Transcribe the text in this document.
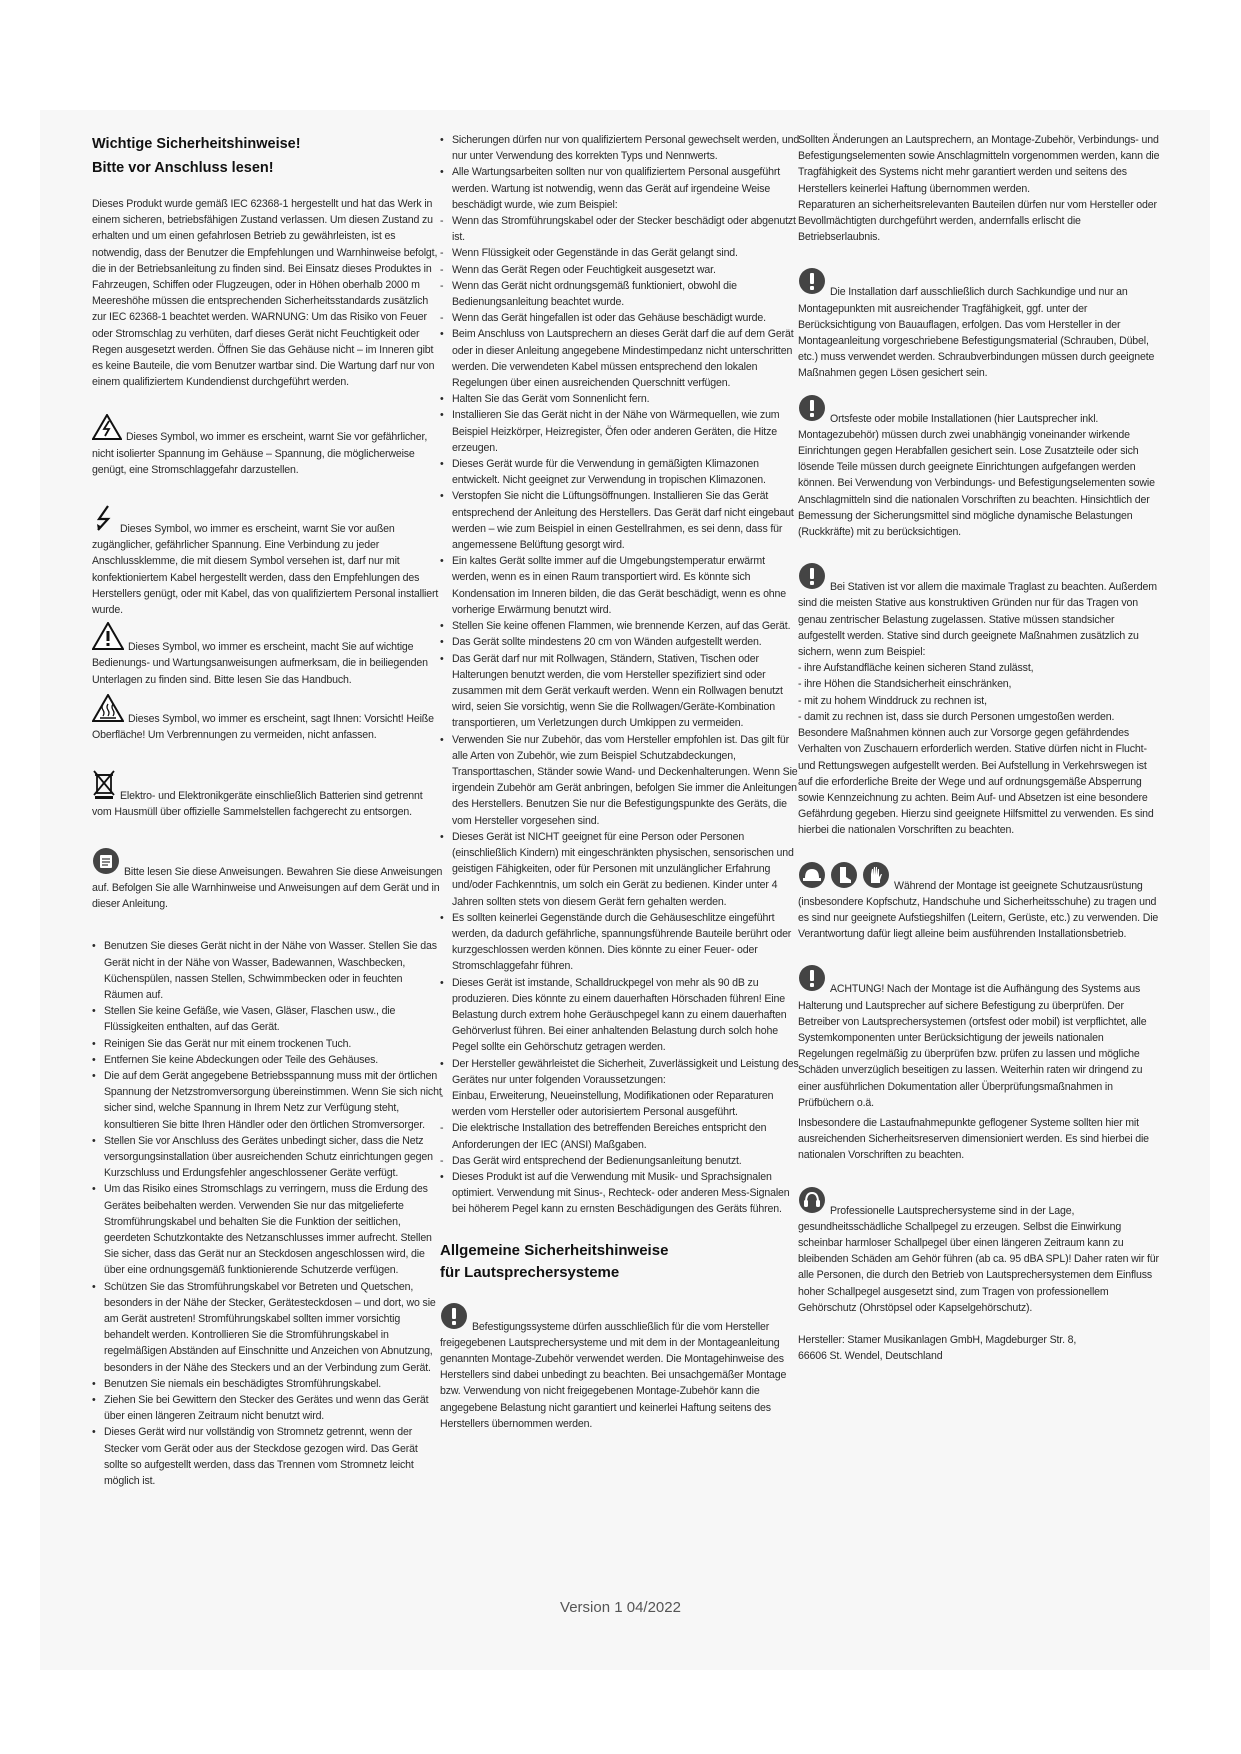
Wichtige Sicherheitshinweise!
Bitte vor Anschluss lesen!
Dieses Produkt wurde gemäß IEC 62368-1 hergestellt und hat das Werk in einem sicheren, betriebsfähigen Zustand verlassen. Um diesen Zustand zu erhalten und um einen gefahrlosen Betrieb zu gewährleisten, ist es notwendig, dass der Benutzer die Empfehlungen und Warnhinweise befolgt, die in der Betriebsanleitung zu finden sind. Bei Einsatz dieses Produktes in Fahrzeugen, Schiffen oder Flugzeugen, oder in Höhen oberhalb 2000 m Meereshöhe müssen die entsprechenden Sicherheitsstandards zusätzlich zur IEC 62368-1 beachtet werden. WARNUNG: Um das Risiko von Feuer oder Stromschlag zu verhüten, darf dieses Gerät nicht Feuchtigkeit oder Regen ausgesetzt werden. Öffnen Sie das Gehäuse nicht – im Inneren gibt es keine Bauteile, die vom Benutzer wartbar sind. Die Wartung darf nur von einem qualifiziertem Kundendienst durchgeführt werden.
Dieses Symbol, wo immer es erscheint, warnt Sie vor gefährlicher, nicht isolierter Spannung im Gehäuse – Spannung, die möglicherweise genügt, eine Stromschlaggefahr darzustellen.
Dieses Symbol, wo immer es erscheint, warnt Sie vor außen zugänglicher, gefährlicher Spannung. Eine Verbindung zu jeder Anschlussklemme, die mit diesem Symbol versehen ist, darf nur mit konfektioniertem Kabel hergestellt werden, dass den Empfehlungen des Herstellers genügt, oder mit Kabel, das von qualifiziertem Personal installiert wurde.
Dieses Symbol, wo immer es erscheint, macht Sie auf wichtige Bedienungs- und Wartungsanweisungen aufmerksam, die in beiliegenden Unterlagen zu finden sind. Bitte lesen Sie das Handbuch.
Dieses Symbol, wo immer es erscheint, sagt Ihnen: Vorsicht! Heiße Oberfläche! Um Verbrennungen zu vermeiden, nicht anfassen.
Elektro- und Elektronikgeräte einschließlich Batterien sind getrennt vom Hausmüll über offizielle Sammelstellen fachgerecht zu entsorgen.
Bitte lesen Sie diese Anweisungen. Bewahren Sie diese Anweisungen auf. Befolgen Sie alle Warnhinweise und Anweisungen auf dem Gerät und in dieser Anleitung.
• Benutzen Sie dieses Gerät nicht in der Nähe von Wasser. Stellen Sie das Gerät nicht in der Nähe von Wasser, Badewannen, Waschbecken, Küchenspülen, nassen Stellen, Schwimmbecken oder in feuchten Räumen auf.
• Stellen Sie keine Gefäße, wie Vasen, Gläser, Flaschen usw., die Flüssigkeiten enthalten, auf das Gerät.
• Reinigen Sie das Gerät nur mit einem trockenen Tuch.
• Entfernen Sie keine Abdeckungen oder Teile des Gehäuses.
• Die auf dem Gerät angegebene Betriebsspannung muss mit der örtlichen Spannung der Netzstromversorgung übereinstimmen. Wenn Sie sich nicht sicher sind, welche Spannung in Ihrem Netz zur Verfügung steht, konsultieren Sie bitte Ihren Händler oder den örtlichen Stromversorger.
• Stellen Sie vor Anschluss des Gerätes unbedingt sicher, dass die Netz versorgungsinstallation über ausreichenden Schutz einrichtungen gegen Kurzschluss und Erdungsfehler angeschlossener Geräte verfügt.
• Um das Risiko eines Stromschlags zu verringern, muss die Erdung des Gerätes beibehalten werden. Verwenden Sie nur das mitgelieferte Stromführungskabel und behalten Sie die Funktion der seitlichen, geerdeten Schutzkontakte des Netzanschlusses immer aufrecht. Stellen Sie sicher, dass das Gerät nur an Steckdosen angeschlossen wird, die über eine ordnungsgemäß funktionierende Schutzerde verfügen.
• Schützen Sie das Stromführungskabel vor Betreten und Quetschen, besonders in der Nähe der Stecker, Gerätesteckdosen – und dort, wo sie am Gerät austreten! Stromführungskabel sollten immer vorsichtig behandelt werden. Kontrollieren Sie die Stromführungskabel in regelmäßigen Abständen auf Einschnitte und Anzeichen von Abnutzung, besonders in der Nähe des Steckers und an der Verbindung zum Gerät.
• Benutzen Sie niemals ein beschädigtes Stromführungskabel.
• Ziehen Sie bei Gewittern den Stecker des Gerätes und wenn das Gerät über einen längeren Zeitraum nicht benutzt wird.
• Dieses Gerät wird nur vollständig von Stromnetz getrennt, wenn der Stecker vom Gerät oder aus der Steckdose gezogen wird. Das Gerät sollte so aufgestellt werden, dass das Trennen vom Stromnetz leicht möglich ist.
• Sicherungen dürfen nur von qualifiziertem Personal gewechselt werden, und nur unter Verwendung des korrekten Typs und Nennwerts.
• Alle Wartungsarbeiten sollten nur von qualifiziertem Personal ausgeführt werden. Wartung ist notwendig, wenn das Gerät auf irgendeine Weise beschädigt wurde, wie zum Beispiel:
- Wenn das Stromführungskabel oder der Stecker beschädigt oder abgenutzt ist.
- Wenn Flüssigkeit oder Gegenstände in das Gerät gelangt sind.
- Wenn das Gerät Regen oder Feuchtigkeit ausgesetzt war.
- Wenn das Gerät nicht ordnungsgemäß funktioniert, obwohl die Bedienungsanleitung beachtet wurde.
- Wenn das Gerät hingefallen ist oder das Gehäuse beschädigt wurde.
• Beim Anschluss von Lautsprechern an dieses Gerät darf die auf dem Gerät oder in dieser Anleitung angegebene Mindestimpedanz nicht unterschritten werden. Die verwendeten Kabel müssen entsprechend den lokalen Regelungen über einen ausreichenden Querschnitt verfügen.
• Halten Sie das Gerät vom Sonnenlicht fern.
• Installieren Sie das Gerät nicht in der Nähe von Wärmequellen, wie zum Beispiel Heizkörper, Heizregister, Öfen oder anderen Geräten, die Hitze erzeugen.
• Dieses Gerät wurde für die Verwendung in gemäßigten Klimazonen entwickelt. Nicht geeignet zur Verwendung in tropischen Klimazonen.
• Verstopfen Sie nicht die Lüftungsöffnungen. Installieren Sie das Gerät entsprechend der Anleitung des Herstellers. Das Gerät darf nicht eingebaut werden – wie zum Beispiel in einen Gestellrahmen, es sei denn, dass für angemessene Belüftung gesorgt wird.
• Ein kaltes Gerät sollte immer auf die Umgebungstemperatur erwärmt werden, wenn es in einen Raum transportiert wird. Es könnte sich Kondensation im Inneren bilden, die das Gerät beschädigt, wenn es ohne vorherige Erwärmung benutzt wird.
• Stellen Sie keine offenen Flammen, wie brennende Kerzen, auf das Gerät.
• Das Gerät sollte mindestens 20 cm von Wänden aufgestellt werden.
• Das Gerät darf nur mit Rollwagen, Ständern, Stativen, Tischen oder Halterungen benutzt werden, die vom Hersteller spezifiziert sind oder zusammen mit dem Gerät verkauft werden. Wenn ein Rollwagen benutzt wird, seien Sie vorsichtig, wenn Sie die Rollwagen/Geräte-Kombination transportieren, um Verletzungen durch Umkippen zu vermeiden.
• Verwenden Sie nur Zubehör, das vom Hersteller empfohlen ist. Das gilt für alle Arten von Zubehör, wie zum Beispiel Schutzabdeckungen, Transporttaschen, Ständer sowie Wand- und Deckenhalterungen. Wenn Sie irgendein Zubehör am Gerät anbringen, befolgen Sie immer die Anleitungen des Herstellers. Benutzen Sie nur die Befestigungspunkte des Geräts, die vom Hersteller vorgesehen sind.
• Dieses Gerät ist NICHT geeignet für eine Person oder Personen (einschließlich Kindern) mit eingeschränkten physischen, sensorischen und geistigen Fähigkeiten, oder für Personen mit unzulänglicher Erfahrung und/oder Fachkenntnis, um solch ein Gerät zu bedienen. Kinder unter 4 Jahren sollten stets von diesem Gerät fern gehalten werden.
• Es sollten keinerlei Gegenstände durch die Gehäuseschlitze eingeführt werden, da dadurch gefährliche, spannungsführende Bauteile berührt oder kurzgeschlossen werden können. Dies könnte zu einer Feuer- oder Stromschlaggefahr führen.
• Dieses Gerät ist imstande, Schalldruckpegel von mehr als 90 dB zu produzieren. Dies könnte zu einem dauerhaften Hörschaden führen! Eine Belastung durch extrem hohe Geräuschpegel kann zu einem dauerhaften Gehörverlust führen. Bei einer anhaltenden Belastung durch solch hohe Pegel sollte ein Gehörschutz getragen werden.
• Der Hersteller gewährleistet die Sicherheit, Zuverlässigkeit und Leistung des Gerätes nur unter folgenden Voraussetzungen:
- Einbau, Erweiterung, Neueinstellung, Modifikationen oder Reparaturen werden vom Hersteller oder autorisiertem Personal ausgeführt.
- Die elektrische Installation des betreffenden Bereiches entspricht den Anforderungen der IEC (ANSI) Maßgaben.
- Das Gerät wird entsprechend der Bedienungsanleitung benutzt.
• Dieses Produkt ist auf die Verwendung mit Musik- und Sprachsignalen optimiert. Verwendung mit Sinus-, Rechteck- oder anderen Mess-Signalen bei höherem Pegel kann zu ernsten Beschädigungen des Geräts führen.
Allgemeine Sicherheitshinweise für Lautsprechersysteme
Befestigungssysteme dürfen ausschließlich für die vom Hersteller freigegebenen Lautsprechersysteme und mit dem in der Montageanleitung genannten Montage-Zubehör verwendet werden. Die Montagehinweise des Herstellers sind dabei unbedingt zu beachten. Bei unsachgemäßer Montage bzw. Verwendung von nicht freigegebenen Montage-Zubehör kann die angegebene Belastung nicht garantiert und keinerlei Haftung seitens des Herstellers übernommen werden.
Sollten Änderungen an Lautsprechern, an Montage-Zubehör, Verbindungs- und Befestigungselementen sowie Anschlagmitteln vorgenommen werden, kann die Tragfähigkeit des Systems nicht mehr garantiert werden und seitens des Herstellers keinerlei Haftung übernommen werden.
Reparaturen an sicherheitsrelevanten Bauteilen dürfen nur vom Hersteller oder Bevollmächtigten durchgeführt werden, andernfalls erlischt die Betriebserlaubnis.
Die Installation darf ausschließlich durch Sachkundige und nur an Montagepunkten mit ausreichender Tragfähigkeit, ggf. unter der Berücksichtigung von Bauauflagen, erfolgen. Das vom Hersteller in der Montageanleitung vorgeschriebene Befestigungsmaterial (Schrauben, Dübel, etc.) muss verwendet werden. Schraubverbindungen müssen durch geeignete Maßnahmen gegen Lösen gesichert sein.
Ortsfeste oder mobile Installationen (hier Lautsprecher inkl. Montagezubehör) müssen durch zwei unabhängig voneinander wirkende Einrichtungen gegen Herabfallen gesichert sein. Lose Zusatzteile oder sich lösende Teile müssen durch geeignete Einrichtungen aufgefangen werden können. Bei Verwendung von Verbindungs- und Befestigungselementen sowie Anschlagmitteln sind die nationalen Vorschriften zu beachten. Hinsichtlich der Bemessung der Sicherungsmittel sind mögliche dynamische Belastungen (Ruckkräfte) mit zu berücksichtigen.
Bei Stativen ist vor allem die maximale Traglast zu beachten. Außerdem sind die meisten Stative aus konstruktiven Gründen nur für das Tragen von genau zentrischer Belastung zugelassen. Stative müssen standsicher aufgestellt werden. Stative sind durch geeignete Maßnahmen zusätzlich zu sichern, wenn zum Beispiel:
- ihre Aufstandfläche keinen sicheren Stand zulässt,
- ihre Höhen die Standsicherheit einschränken,
- mit zu hohem Winddruck zu rechnen ist,
- damit zu rechnen ist, dass sie durch Personen umgestoßen werden.
Besondere Maßnahmen können auch zur Vorsorge gegen gefährdendes Verhalten von Zuschauern erforderlich werden. Stative dürfen nicht in Flucht- und Rettungswegen aufgestellt werden. Bei Aufstellung in Verkehrswegen ist auf die erforderliche Breite der Wege und auf ordnungsgemäße Absperrung sowie Kennzeichnung zu achten. Beim Auf- und Absetzen ist eine besondere Gefährdung gegeben. Hierzu sind geeignete Hilfsmittel zu verwenden. Es sind hierbei die nationalen Vorschriften zu beachten.
Während der Montage ist geeignete Schutzausrüstung (insbesondere Kopfschutz, Handschuhe und Sicherheitsschuhe) zu tragen und es sind nur geeignete Aufstiegshilfen (Leitern, Gerüste, etc.) zu verwenden. Die Verantwortung dafür liegt alleine beim ausführenden Installationsbetrieb.
ACHTUNG! Nach der Montage ist die Aufhängung des Systems aus Halterung und Lautsprecher auf sichere Befestigung zu überprüfen. Der Betreiber von Lautsprechersystemen (ortsfest oder mobil) ist verpflichtet, alle Systemkomponenten unter Berücksichtigung der jeweils nationalen Regelungen regelmäßig zu überprüfen bzw. prüfen zu lassen und mögliche Schäden unverzüglich beseitigen zu lassen. Weiterhin raten wir dringend zu einer ausführlichen Dokumentation aller Überprüfungsmaßnahmen in Prüfbüchern o.ä.
Insbesondere die Lastaufnahmepunkte geflogener Systeme sollten hier mit ausreichenden Sicherheitsreserven dimensioniert werden. Es sind hierbei die nationalen Vorschriften zu beachten.
Professionelle Lautsprechersysteme sind in der Lage, gesundheitsschädliche Schallpegel zu erzeugen. Selbst die Einwirkung scheinbar harmloser Schallpegel über einen längeren Zeitraum kann zu bleibenden Schäden am Gehör führen (ab ca. 95 dBA SPL)! Daher raten wir für alle Personen, die durch den Betrieb von Lautsprechersystemen dem Einfluss hoher Schallpegel ausgesetzt sind, zum Tragen von professionellem Gehörschutz (Ohrstöpsel oder Kapselgehörschutz).
Hersteller: Stamer Musikanlagen GmbH, Magdeburger Str. 8,
66606 St. Wendel, Deutschland
Version 1 04/2022
